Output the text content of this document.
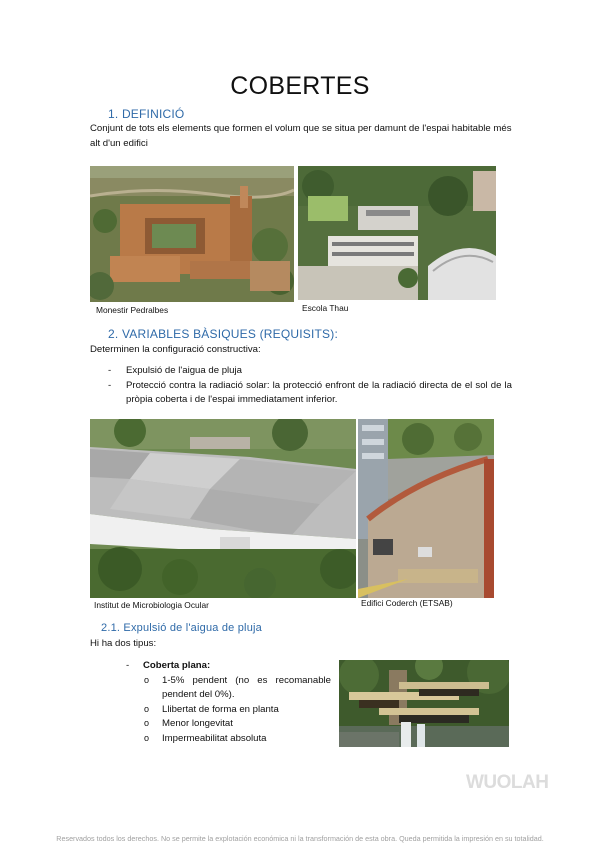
COBERTES
1. DEFINICIÓ
Conjunt de tots els elements que formen el volum que se situa per damunt de l'espai habitable més alt d'un edifici
Monestir Pedralbes	Escola Thau
2. VARIABLES BÀSIQUES (REQUISITS):
Determinen la configuració constructiva:
- Expulsió de l'aigua de pluja
- Protecció contra la radiació solar: la protecció enfront de la radiació directa de el sol de la pròpia coberta i de l'espai immediatament inferior.
Institut de Microbiologia Ocular	Edifici Coderch (ETSAB)
2.1. Expulsió de l'aigua de pluja
Hi ha dos tipus:
- Coberta plana:
o 1-5% pendent (no es recomanable pendent del 0%).
o Llibertat de forma en planta
o Menor longevitat
o Impermeabilitat absoluta
WUOLAH
Reservados todos los derechos. No se permite la explotación económica ni la transformación de esta obra. Queda permitida la impresión en su totalidad.
